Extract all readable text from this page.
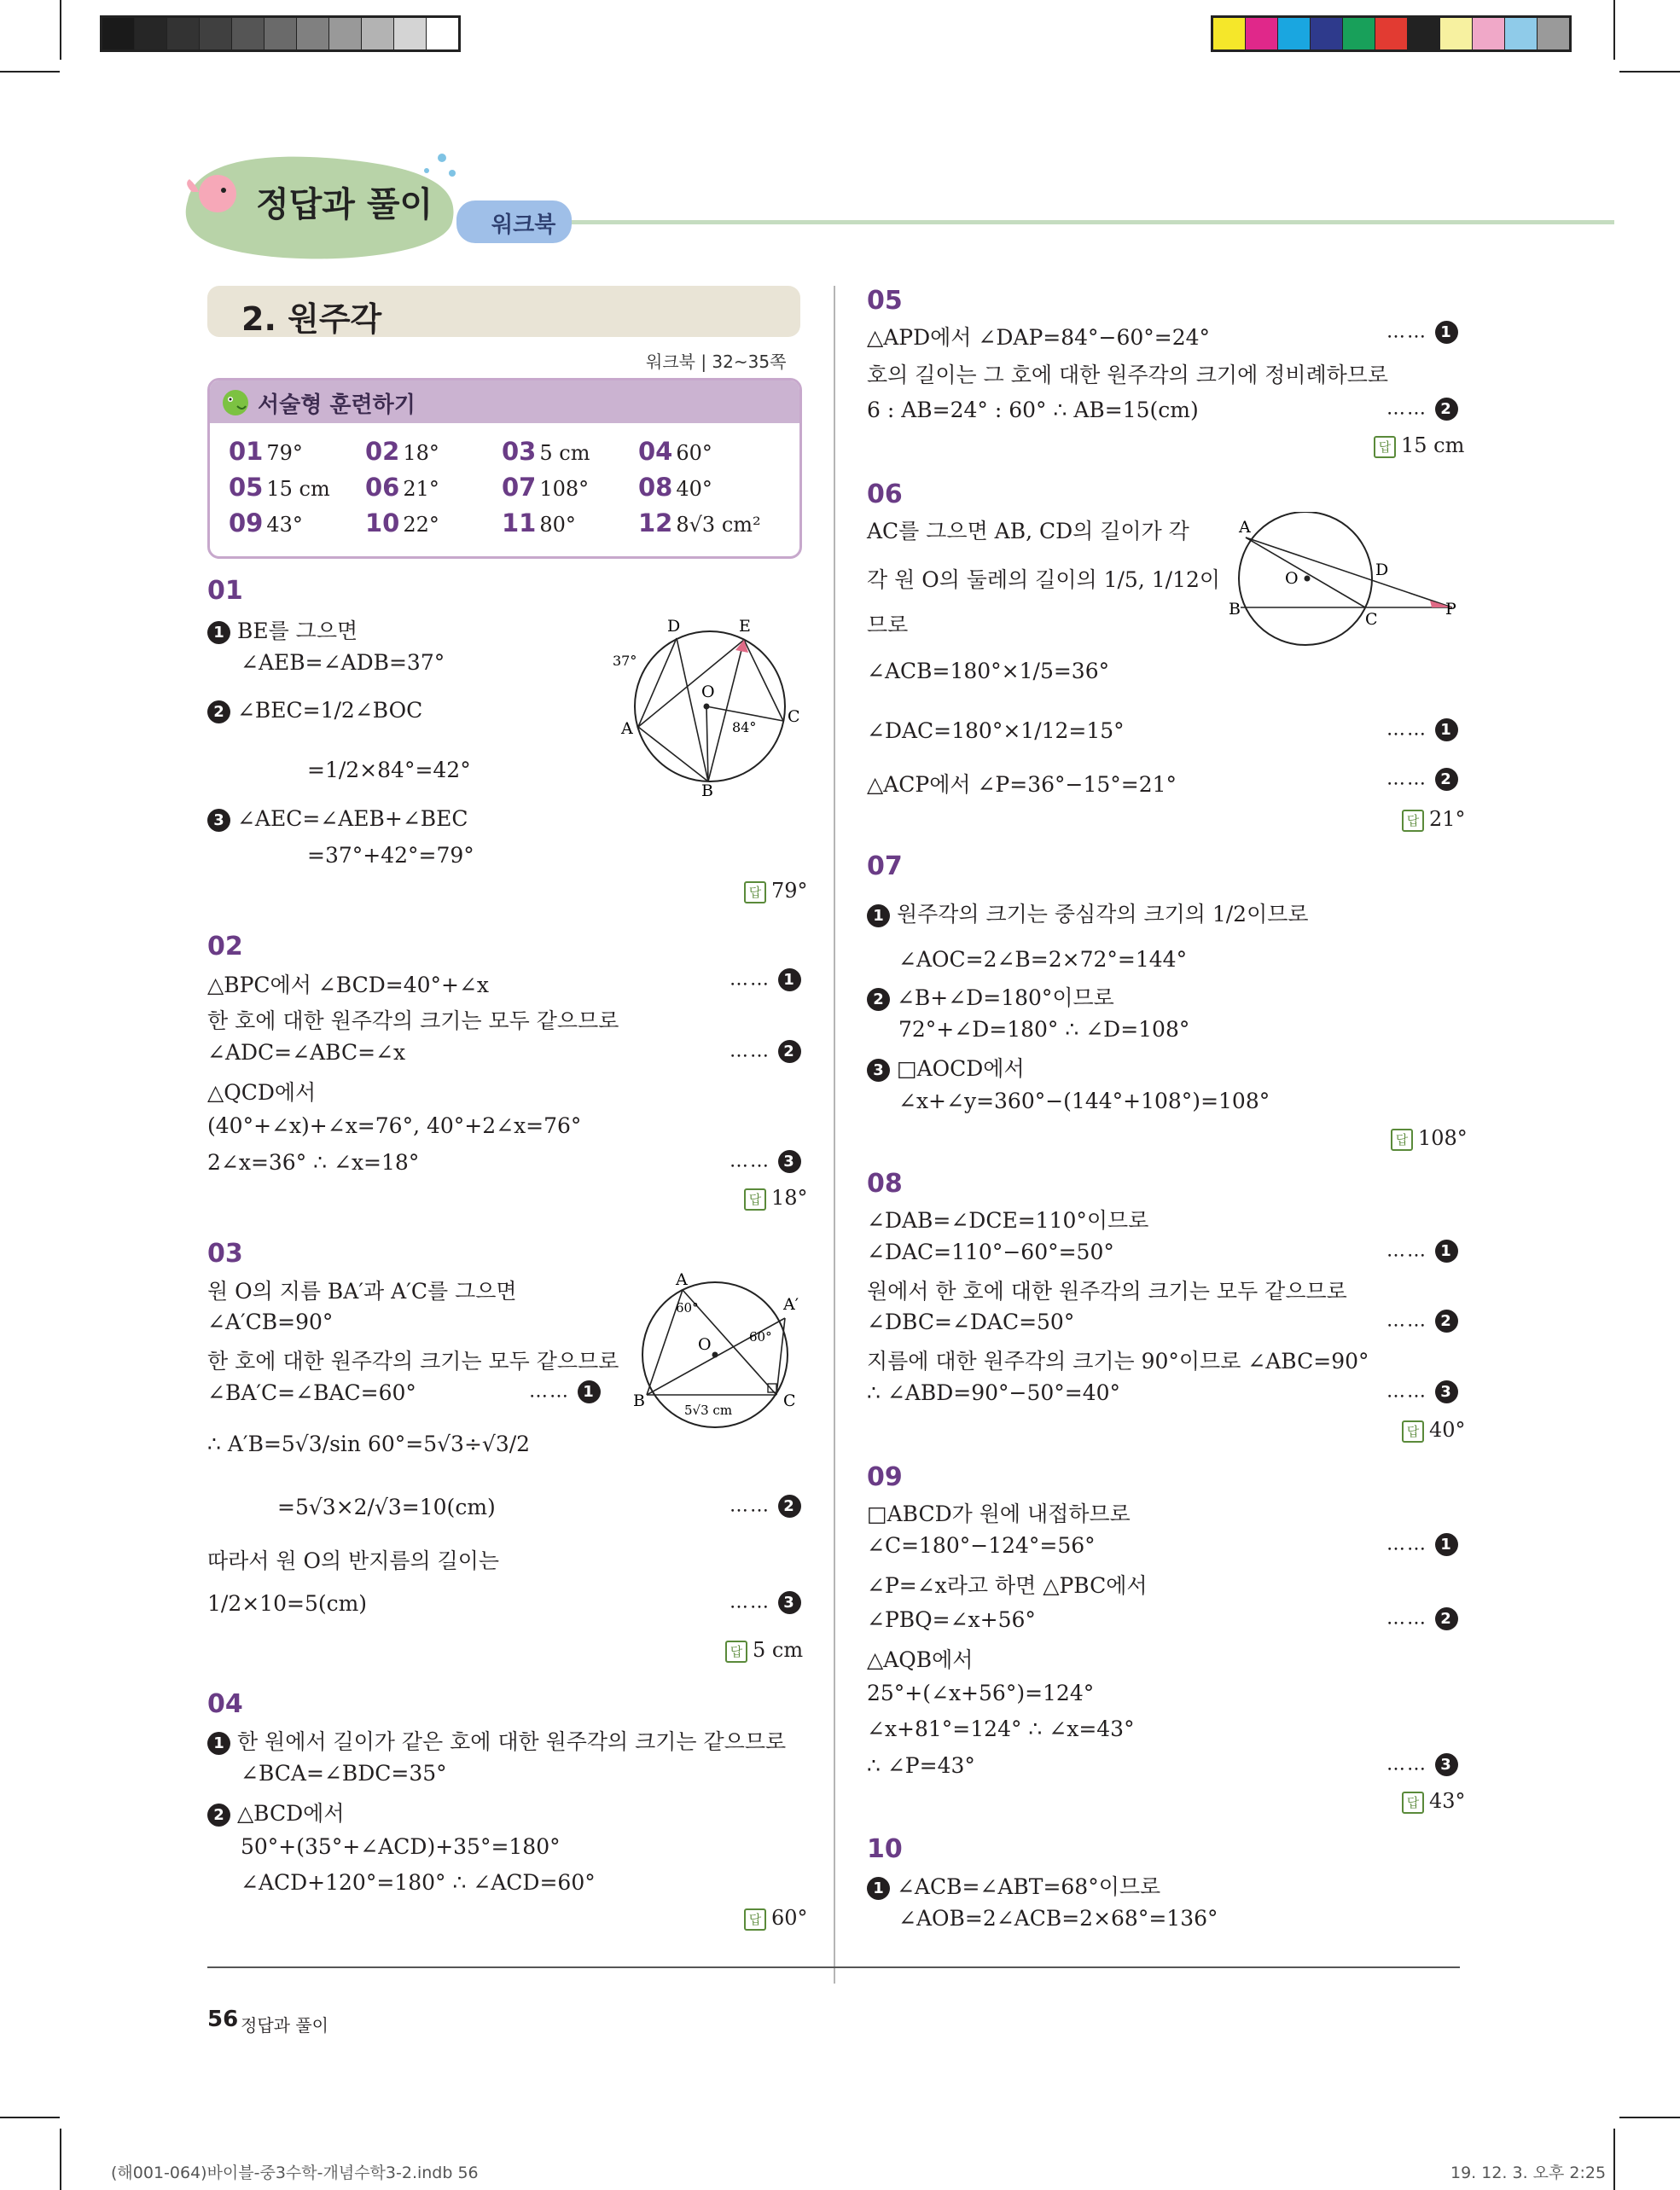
정답과 풀이
워크북
2. 원주각
워크북 | 32~35쪽
서술형 훈련하기
01 79°	02 18°	03 5 cm	04 60°
05 15 cm	06 21°	07 108°	08 40°
09 43°	10 22°	11 80°	12 8√3 cm²
01
1 BE를 그으면
∠AEB=∠ADB=37°
2 ∠BEC=1/2∠BOC
=1/2×84°=42°
3 ∠AEC=∠AEB+∠BEC
=37°+42°=79°
답 79°
D	E
A
O
C
B
37°
84°
02
△BPC에서 ∠BCD=40°+∠x	…… 1
한 호에 대한 원주각의 크기는 모두 같으므로
∠ADC=∠ABC=∠x	…… 2
△QCD에서
(40°+∠x)+∠x=76°, 40°+2∠x=76°
2∠x=36° ∴ ∠x=18°	…… 3
답 18°
03
원 O의 지름 BA′과 A′C를 그으면
∠A′CB=90°
한 호에 대한 원주각의 크기는 모두 같으므로
∠BA′C=∠BAC=60°	…… 1
∴ A′B=5√3/sin 60°=5√3÷√3/2
=5√3×2/√3=10(cm)	…… 2
따라서 원 O의 반지름의 길이는
1/2×10=5(cm)	…… 3
답 5 cm
A
A′
O
B	C
60°
60°
5√3 cm
04
1 한 원에서 길이가 같은 호에 대한 원주각의 크기는 같으므로
∠BCA=∠BDC=35°
2 △BCD에서
50°+(35°+∠ACD)+35°=180°
∠ACD+120°=180° ∴ ∠ACD=60°
답 60°
05
△APD에서 ∠DAP=84°−60°=24°	…… 1
호의 길이는 그 호에 대한 원주각의 크기에 정비례하므로
6 : AB=24° : 60° ∴ AB=15(cm)	…… 2
답 15 cm
06
AC를 그으면 AB, CD의 길이가 각
각 원 O의 둘레의 길이의 1/5, 1/12이
므로
∠ACB=180°×1/5=36°
∠DAC=180°×1/12=15°	…… 1
△ACP에서 ∠P=36°−15°=21°	…… 2
답 21°
A
B
C
D
O
P
07
1 원주각의 크기는 중심각의 크기의 1/2이므로
∠AOC=2∠B=2×72°=144°
2 ∠B+∠D=180°이므로
72°+∠D=180° ∴ ∠D=108°
3 □AOCD에서
∠x+∠y=360°−(144°+108°)=108°
답 108°
08
∠DAB=∠DCE=110°이므로
∠DAC=110°−60°=50°	…… 1
원에서 한 호에 대한 원주각의 크기는 모두 같으므로
∠DBC=∠DAC=50°	…… 2
지름에 대한 원주각의 크기는 90°이므로 ∠ABC=90°
∴ ∠ABD=90°−50°=40°	…… 3
답 40°
09
□ABCD가 원에 내접하므로
∠C=180°−124°=56°	…… 1
∠P=∠x라고 하면 △PBC에서
∠PBQ=∠x+56°	…… 2
△AQB에서
25°+(∠x+56°)=124°
∠x+81°=124° ∴ ∠x=43°
∴ ∠P=43°	…… 3
답 43°
10
1 ∠ACB=∠ABT=68°이므로
∠AOB=2∠ACB=2×68°=136°
56 정답과 풀이
(해001-064)바이블-중3수학-개념수학3-2.indb 56	19. 12. 3. 오후 2:25
